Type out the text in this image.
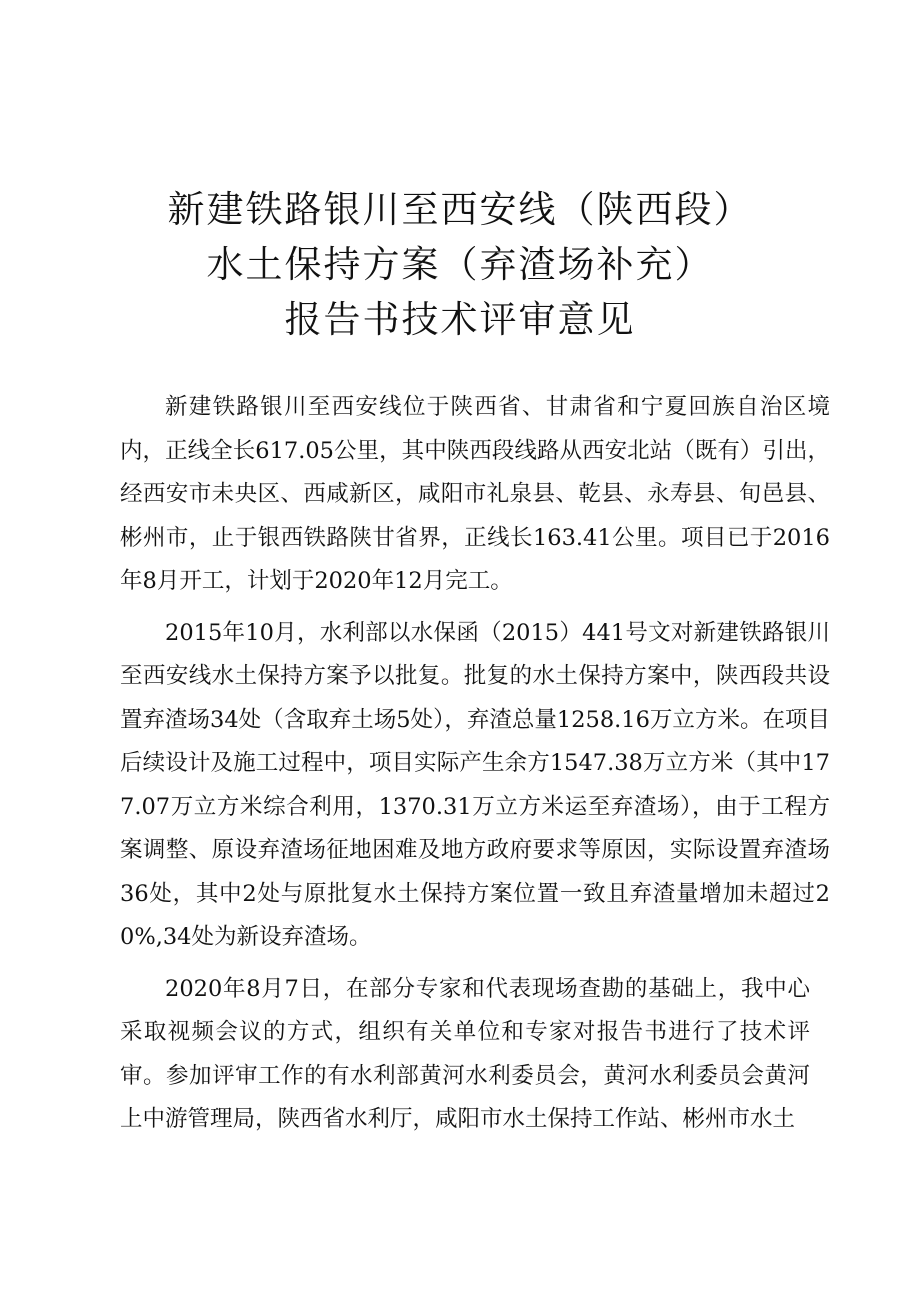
新建铁路银川至西安线（陕西段）
水土保持方案（弃渣场补充）
报告书技术评审意见

新建铁路银川至西安线位于陕西省、甘肃省和宁夏回族自治区境内，正线全长617.05公里，其中陕西段线路从西安北站（既有）引出，经西安市未央区、西咸新区，咸阳市礼泉县、乾县、永寿县、旬邑县、彬州市，止于银西铁路陕甘省界，正线长163.41公里。项目已于2016年8月开工，计划于2020年12月完工。

2015年10月，水利部以水保函（2015）441号文对新建铁路银川至西安线水土保持方案予以批复。批复的水土保持方案中，陕西段共设置弃渣场34处（含取弃土场5处），弃渣总量1258.16万立方米。在项目后续设计及施工过程中，项目实际产生余方1547.38万立方米（其中177.07万立方米综合利用，1370.31万立方米运至弃渣场），由于工程方案调整、原设弃渣场征地困难及地方政府要求等原因，实际设置弃渣场36处，其中2处与原批复水土保持方案位置一致且弃渣量增加未超过20%,34处为新设弃渣场。

2020年8月7日，在部分专家和代表现场查勘的基础上，我中心采取视频会议的方式，组织有关单位和专家对报告书进行了技术评审。参加评审工作的有水利部黄河水利委员会，黄河水利委员会黄河上中游管理局，陕西省水利厅，咸阳市水土保持工作站、彬州市水土
